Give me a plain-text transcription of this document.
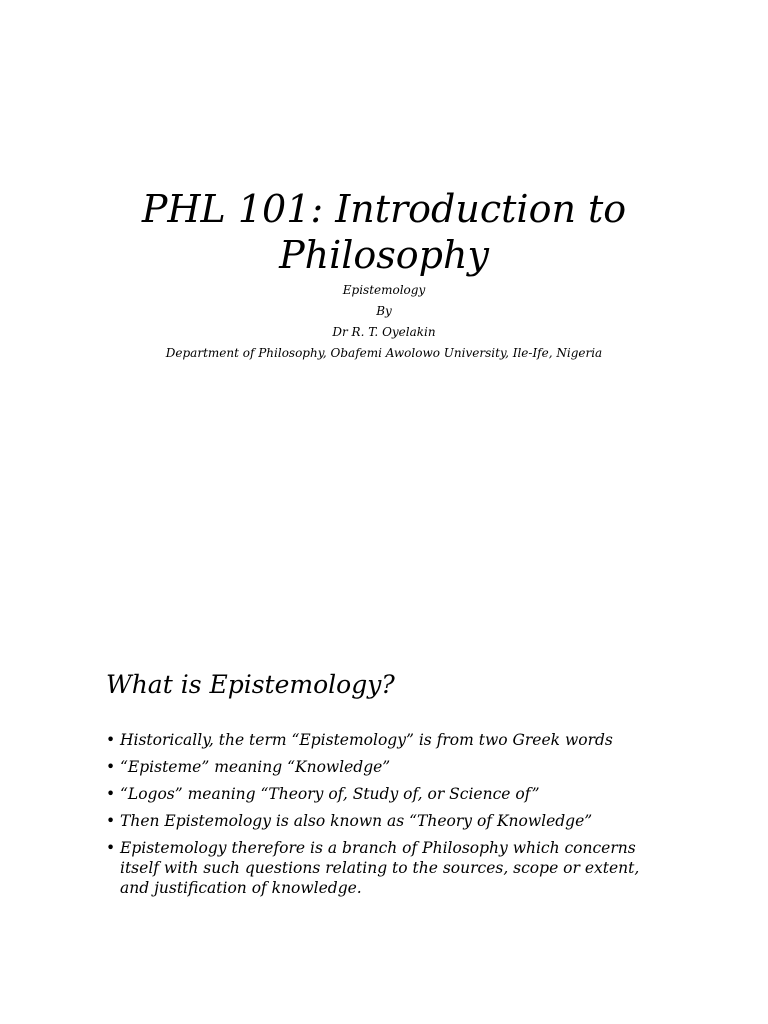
PHL 101: Introduction to
Philosophy
Epistemology
By
Dr R. T. Oyelakin
Department of Philosophy, Obafemi Awolowo University, Ile-Ife, Nigeria
What is Epistemology?
• Historically, the term “Epistemology” is from two Greek words
• “Episteme” meaning “Knowledge”
• “Logos” meaning “Theory of, Study of, or Science of”
• Then Epistemology is also known as “Theory of Knowledge”
• Epistemology therefore is a branch of Philosophy which concerns itself with such questions relating to the sources, scope or extent, and justification of knowledge.
